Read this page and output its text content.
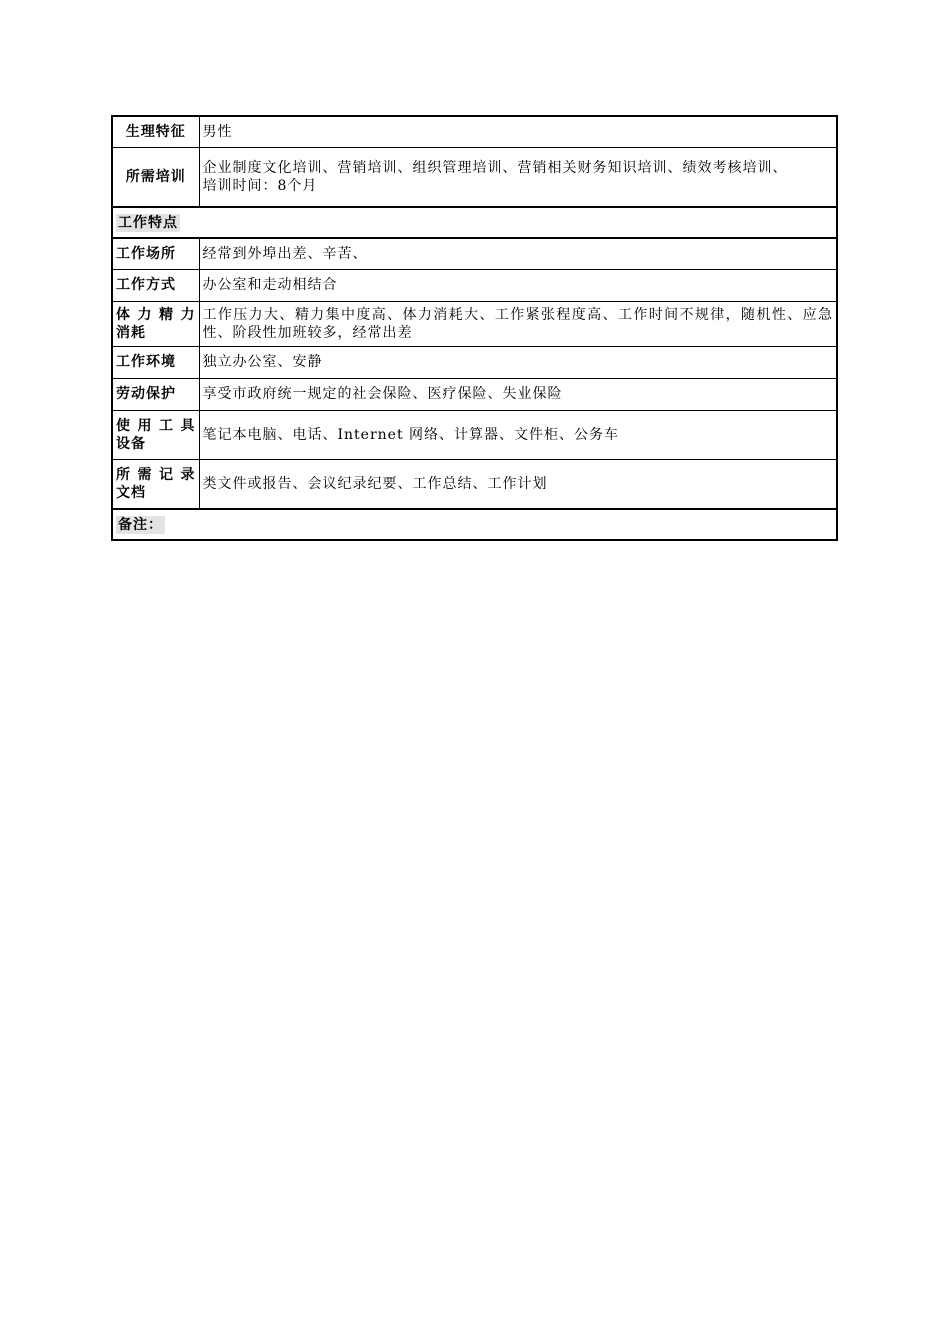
生理特征	男性
所需培训	企业制度文化培训、营销培训、组织管理培训、营销相关财务知识培训、绩效考核培训、
培训时间：8个月

工作特点	
工作场所	经常到外埠出差、辛苦、
工作方式	办公室和走动相结合
体 力 精 力 消耗	工作压力大、精力集中度高、体力消耗大、工作紧张程度高、工作时间不规律，随机性、应急性、阶段性加班较多，经常出差
工作环境	独立办公室、安静
劳动保护	享受市政府统一规定的社会保险、医疗保险、失业保险
使 用 工 具 设备	笔记本电脑、电话、Internet 网络、计算器、文件柜、公务车
所 需 记 录 文档	类文件或报告、会议纪录纪要、工作总结、工作计划
备注：	
